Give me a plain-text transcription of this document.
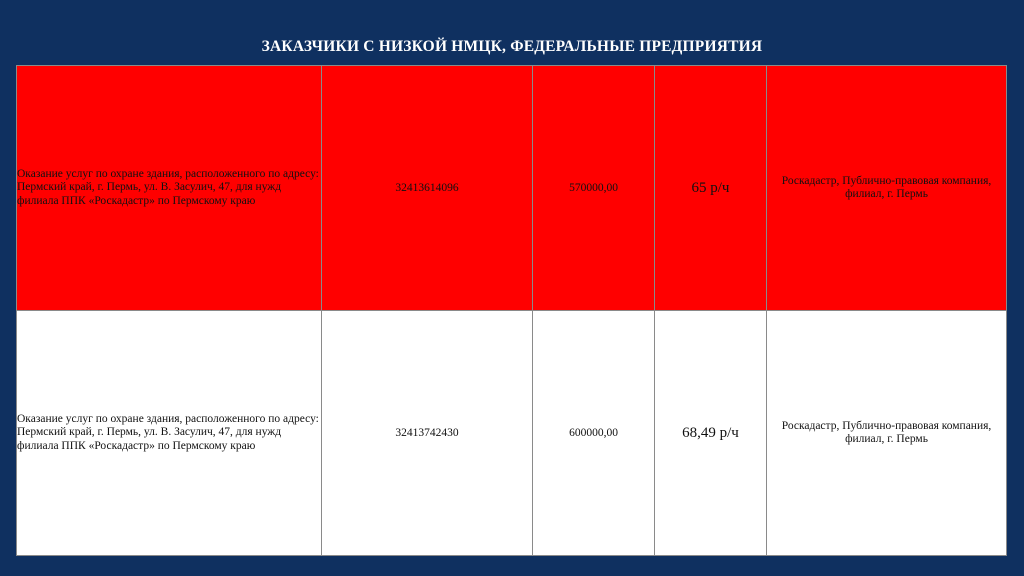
ЗАКАЗЧИКИ С НИЗКОЙ НМЦК, ФЕДЕРАЛЬНЫЕ ПРЕДПРИЯТИЯ
Оказание услуг по охране здания, расположенного по адресу: Пермский край, г. Пермь, ул. В. Засулич, 47, для нужд филиала ППК «Роскадастр» по Пермскому краю	32413614096	570000,00	65 р/ч	Роскадастр, Публично-правовая компания, филиал, г. Пермь
Оказание услуг по охране здания, расположенного по адресу: Пермский край, г. Пермь, ул. В. Засулич, 47, для нужд филиала ППК «Роскадастр» по Пермскому краю	32413742430	600000,00	68,49 р/ч	Роскадастр, Публично-правовая компания, филиал, г. Пермь
